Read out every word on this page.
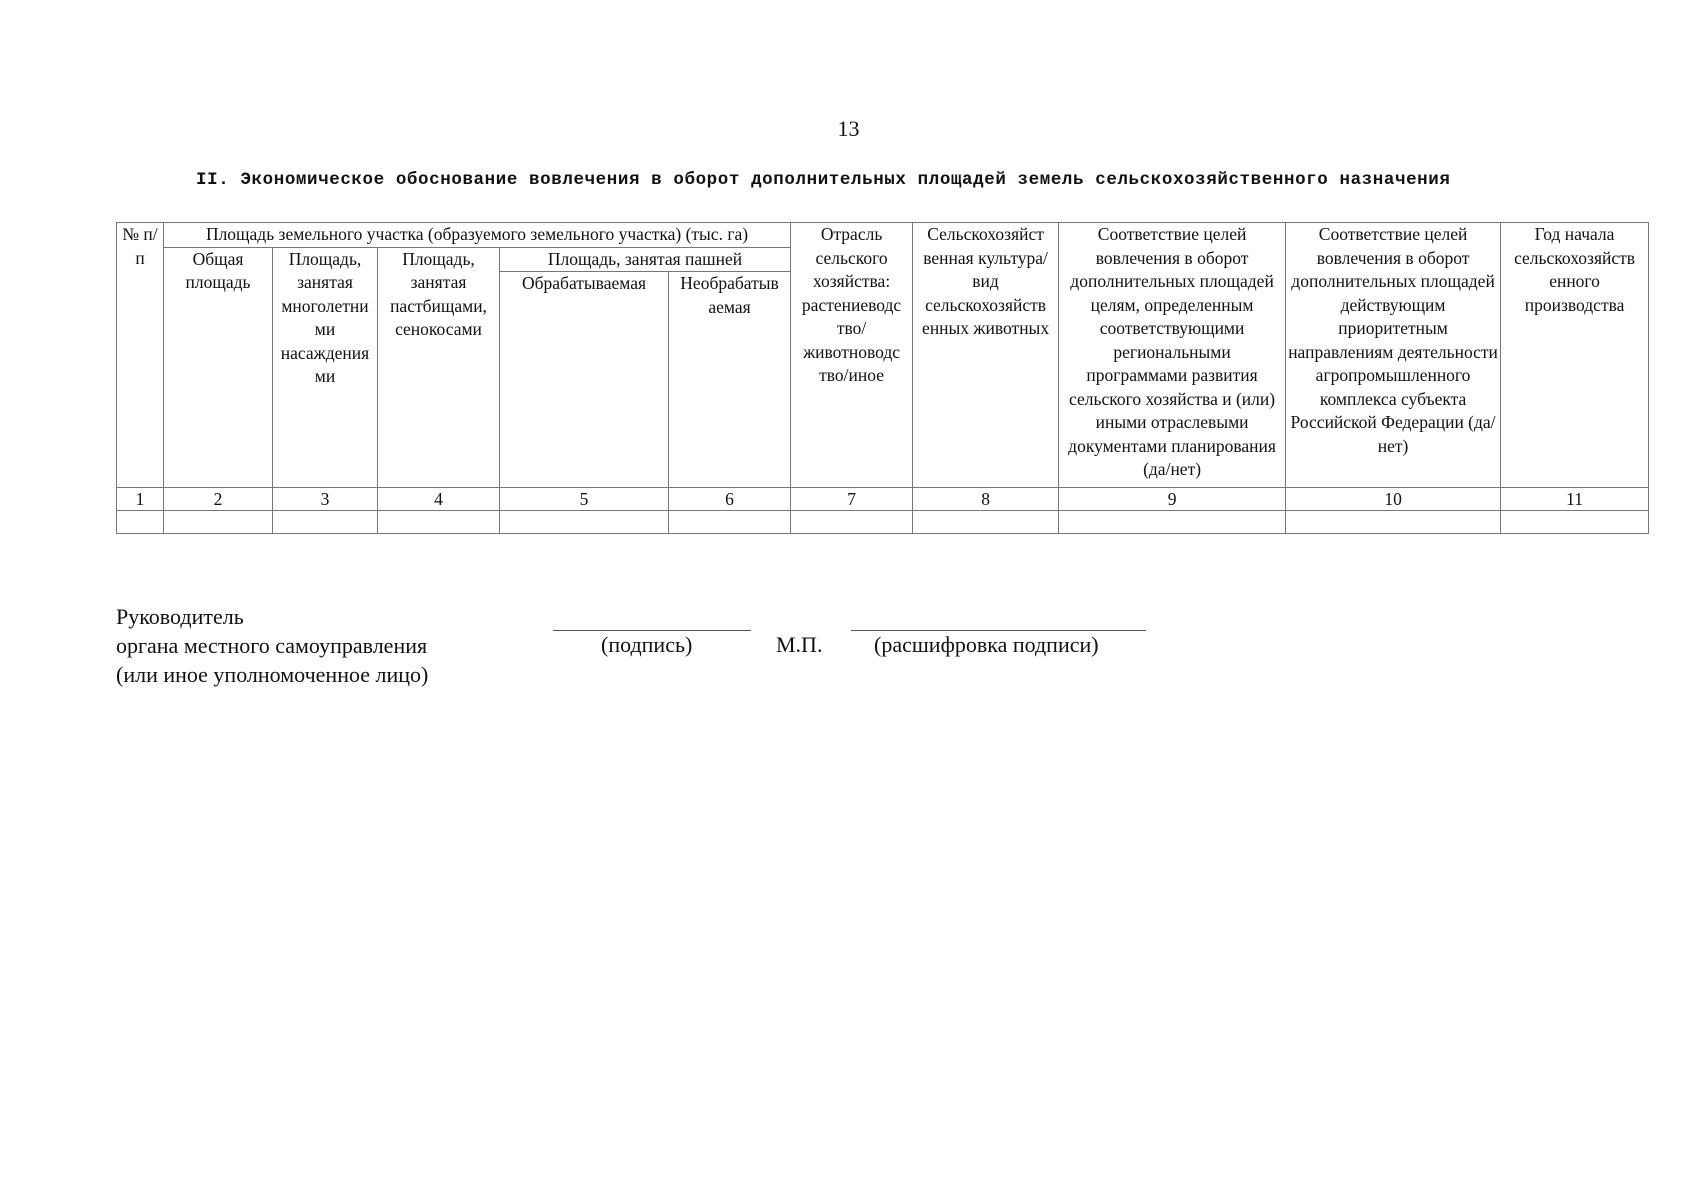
13
II. Экономическое обоснование вовлечения в оборот дополнительных площадей земель сельскохозяйственного назначения
№ п/п	Площадь земельного участка (образуемого земельного участка) (тыс. га)					Отрасль сельского хозяйства: растениеводс тво/ животноводс тво/иное	Сельскохозяйст венная культура/ вид сельскохозяйств енных животных	Соответствие целей вовлечения в оборот дополнительных площадей целям, определенным соответствующими региональными программами развития сельского хозяйства и (или) иными отраслевыми документами планирования (да/нет)	Соответствие целей вовлечения в оборот дополнительных площадей действующим приоритетным направлениям деятельности агропромышленного комплекса субъекта Российской Федерации (да/нет)	Год начала сельскохозяйств енного производства
	Общая площадь	Площадь, занятая многолетни ми насаждения ми	Площадь, занятая пастбищами, сенокосами	Площадь, занятая пашней						
				Обрабатываемая	Необрабатыв аемая					
1	2	3	4	5	6	7	8	9	10	11

Руководитель
органа местного самоуправления
(или иное уполномоченное лицо)
(подпись)	М.П. (расшифровка подписи)
